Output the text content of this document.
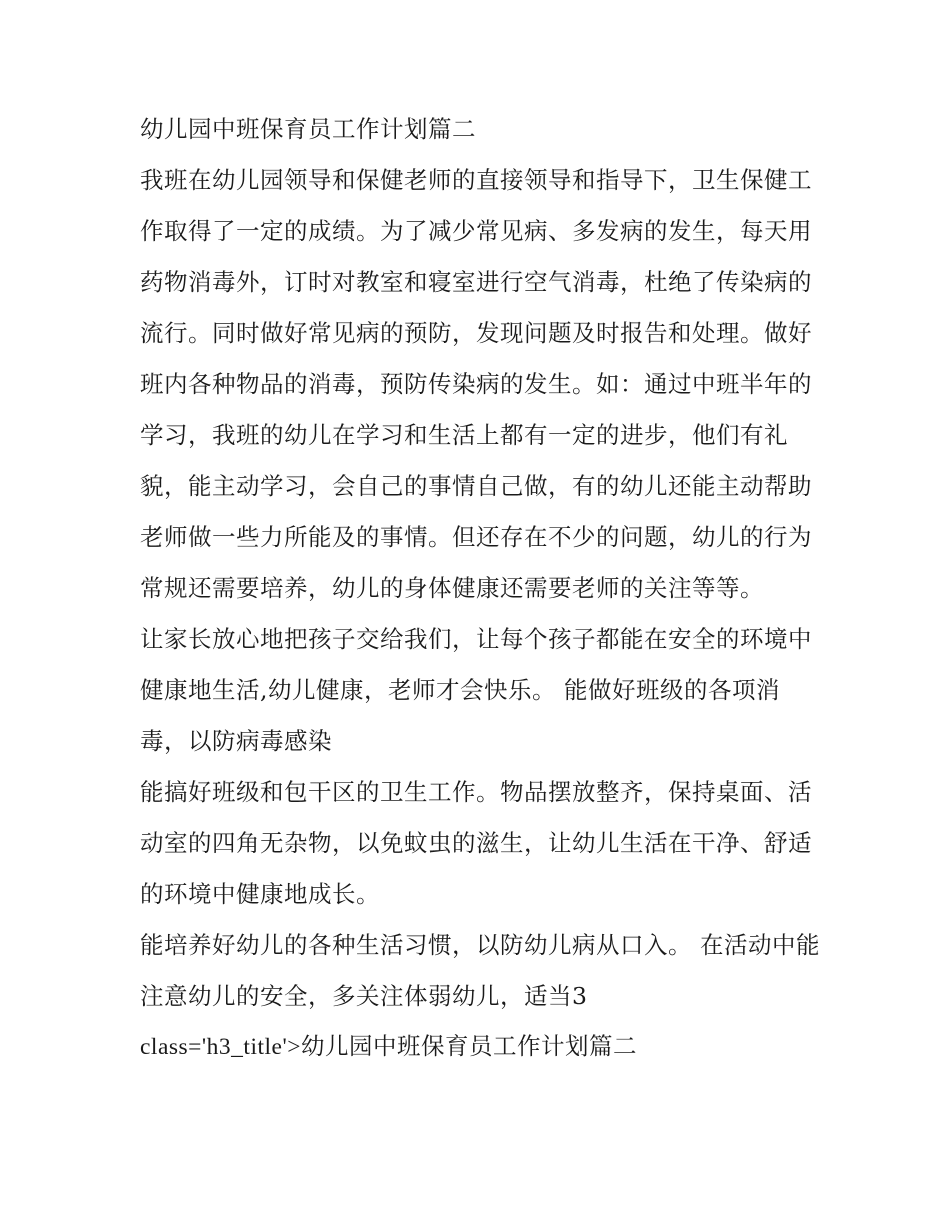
幼儿园中班保育员工作计划篇二

我班在幼儿园领导和保健老师的直接领导和指导下，卫生保健工作取得了一定的成绩。为了减少常见病、多发病的发生，每天用药物消毒外，订时对教室和寝室进行空气消毒，杜绝了传染病的流行。同时做好常见病的预防，发现问题及时报告和处理。做好班内各种物品的消毒，预防传染病的发生。如：通过中班半年的学习，我班的幼儿在学习和生活上都有一定的进步，他们有礼貌，能主动学习，会自己的事情自己做，有的幼儿还能主动帮助老师做一些力所能及的事情。但还存在不少的问题，幼儿的行为常规还需要培养，幼儿的身体健康还需要老师的关注等等。

让家长放心地把孩子交给我们，让每个孩子都能在安全的环境中健康地生活,幼儿健康，老师才会快乐。 能做好班级的各项消毒，以防病毒感染

能搞好班级和包干区的卫生工作。物品摆放整齐，保持桌面、活动室的四角无杂物，以免蚊虫的滋生，让幼儿生活在干净、舒适的环境中健康地成长。

能培养好幼儿的各种生活习惯，以防幼儿病从口入。 在活动中能注意幼儿的安全，多关注体弱幼儿，适当3

class='h3_title'>幼儿园中班保育员工作计划篇二
